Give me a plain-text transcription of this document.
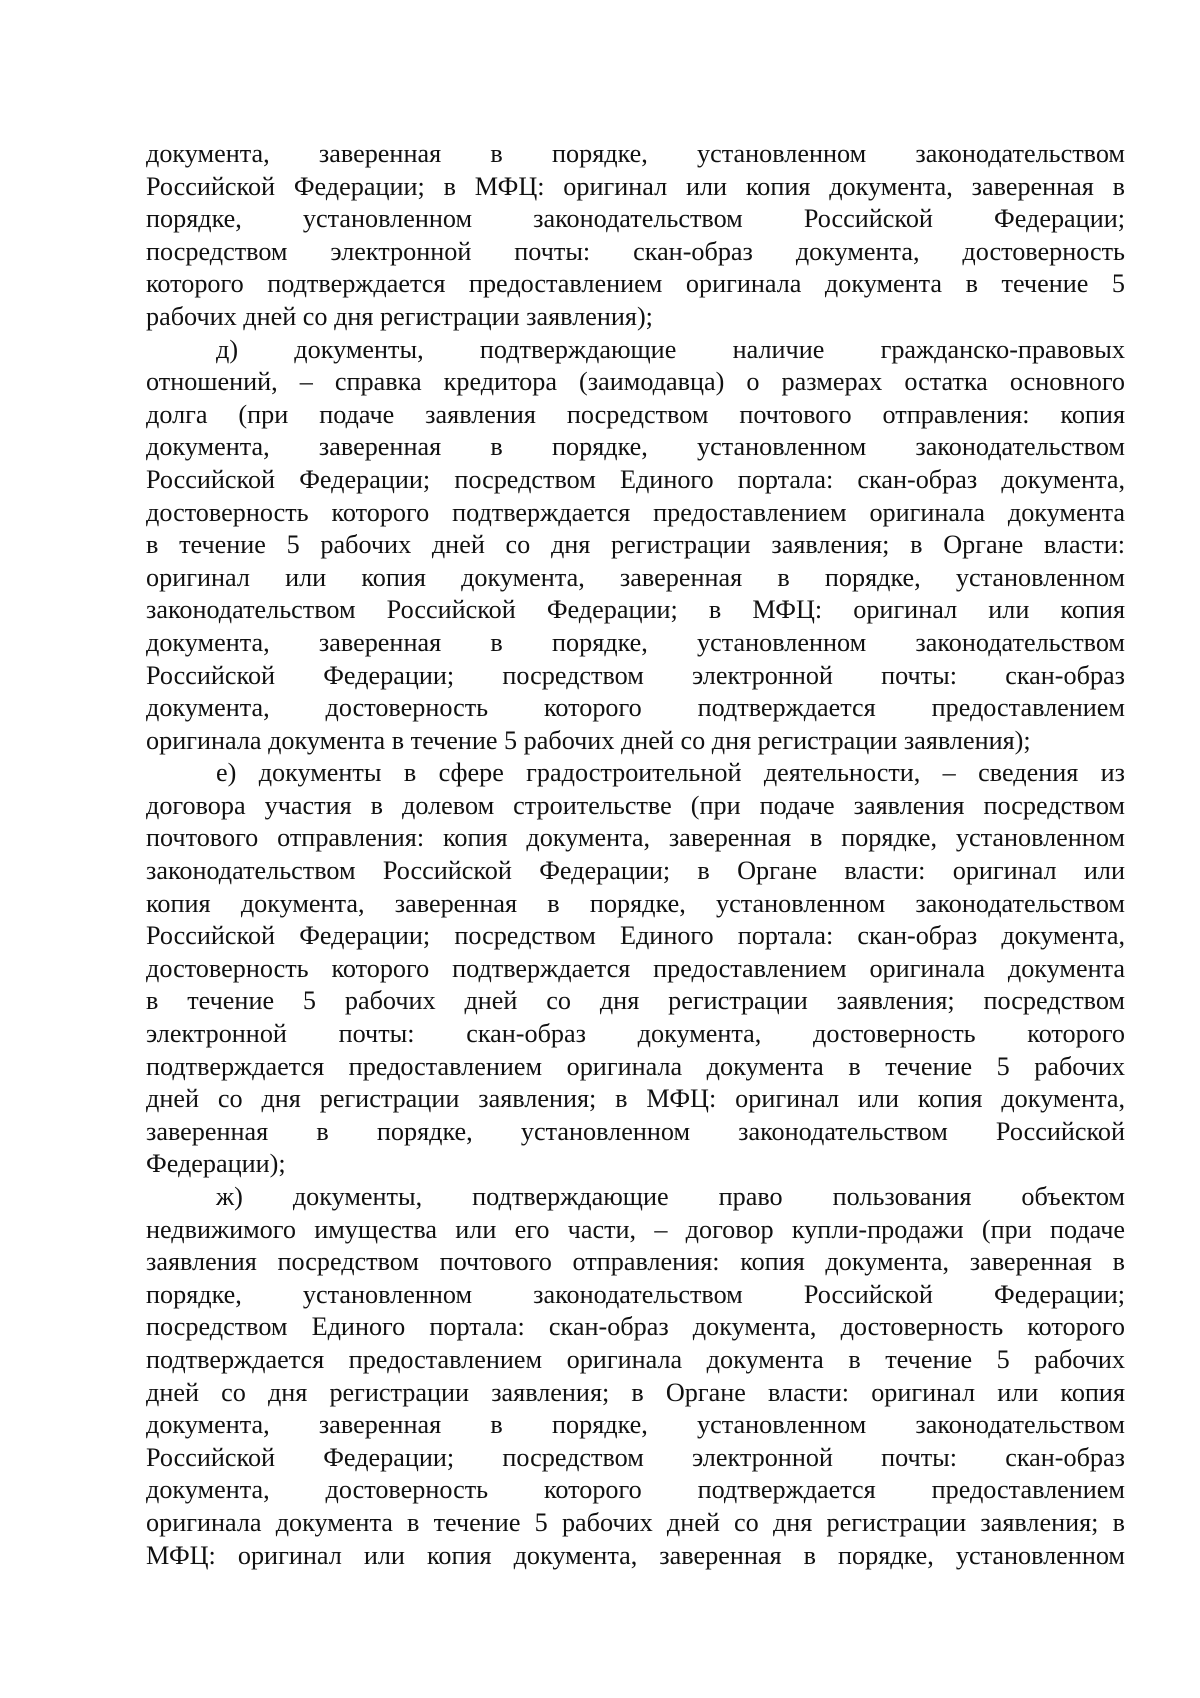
документа, заверенная в порядке, установленном законодательством
Российской Федерации; в МФЦ: оригинал или копия документа, заверенная в
порядке, установленном законодательством Российской Федерации;
посредством электронной почты: скан-образ документа, достоверность
которого подтверждается предоставлением оригинала документа в течение 5
рабочих дней со дня регистрации заявления);
д) документы, подтверждающие наличие гражданско-правовых
отношений, – справка кредитора (заимодавца) о размерах остатка основного
долга (при подаче заявления посредством почтового отправления: копия
документа, заверенная в порядке, установленном законодательством
Российской Федерации; посредством Единого портала: скан-образ документа,
достоверность которого подтверждается предоставлением оригинала документа
в течение 5 рабочих дней со дня регистрации заявления; в Органе власти:
оригинал или копия документа, заверенная в порядке, установленном
законодательством Российской Федерации; в МФЦ: оригинал или копия
документа, заверенная в порядке, установленном законодательством
Российской Федерации; посредством электронной почты: скан-образ
документа, достоверность которого подтверждается предоставлением
оригинала документа в течение 5 рабочих дней со дня регистрации заявления);
е) документы в сфере градостроительной деятельности, – сведения из
договора участия в долевом строительстве (при подаче заявления посредством
почтового отправления: копия документа, заверенная в порядке, установленном
законодательством Российской Федерации; в Органе власти: оригинал или
копия документа, заверенная в порядке, установленном законодательством
Российской Федерации; посредством Единого портала: скан-образ документа,
достоверность которого подтверждается предоставлением оригинала документа
в течение 5 рабочих дней со дня регистрации заявления; посредством
электронной почты: скан-образ документа, достоверность которого
подтверждается предоставлением оригинала документа в течение 5 рабочих
дней со дня регистрации заявления; в МФЦ: оригинал или копия документа,
заверенная в порядке, установленном законодательством Российской
Федерации);
ж) документы, подтверждающие право пользования объектом
недвижимого имущества или его части, – договор купли-продажи (при подаче
заявления посредством почтового отправления: копия документа, заверенная в
порядке, установленном законодательством Российской Федерации;
посредством Единого портала: скан-образ документа, достоверность которого
подтверждается предоставлением оригинала документа в течение 5 рабочих
дней со дня регистрации заявления; в Органе власти: оригинал или копия
документа, заверенная в порядке, установленном законодательством
Российской Федерации; посредством электронной почты: скан-образ
документа, достоверность которого подтверждается предоставлением
оригинала документа в течение 5 рабочих дней со дня регистрации заявления; в
МФЦ: оригинал или копия документа, заверенная в порядке, установленном
